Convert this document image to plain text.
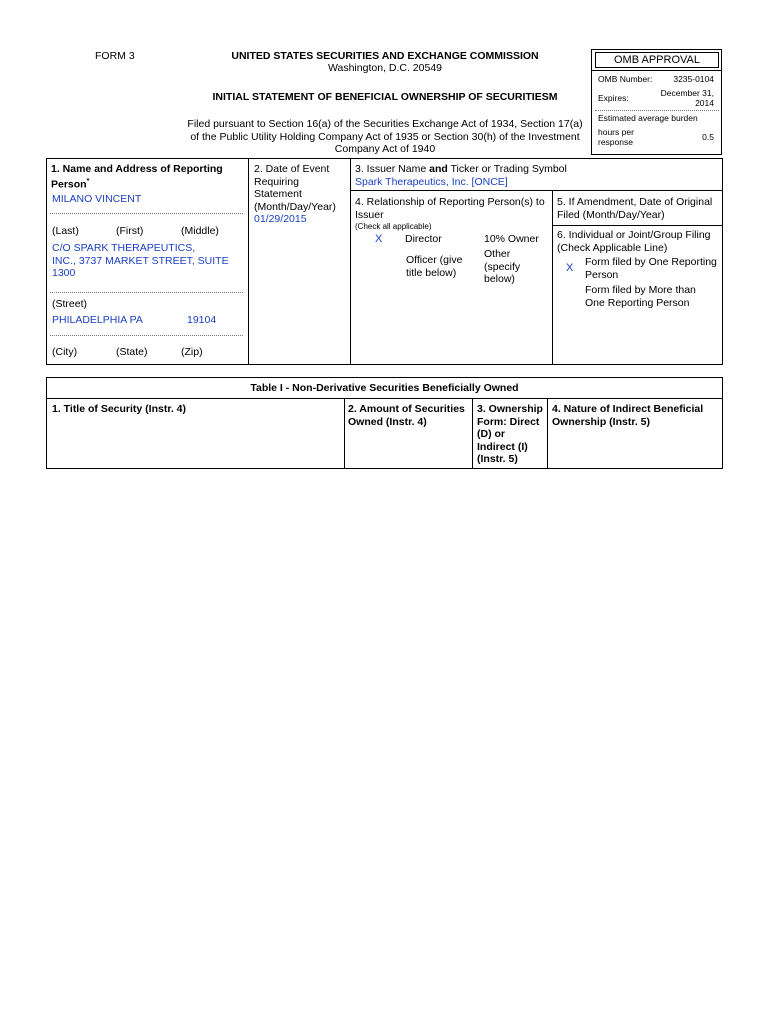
FORM 3	UNITED STATES SECURITIES AND EXCHANGE COMMISSION
Washington, D.C. 20549
INITIAL STATEMENT OF BENEFICIAL OWNERSHIP OF SECURITIESM
Filed pursuant to Section 16(a) of the Securities Exchange Act of 1934, Section 17(a)
of the Public Utility Holding Company Act of 1935 or Section 30(h) of the Investment
Company Act of 1940
OMB APPROVAL
OMB Number: 3235-0104
Expires:	December 31,
2014
Estimated average burden
hours per
response	0.5
1. Name and Address of Reporting
Person*
MILANO VINCENT
(Last)	(First)	(Middle)
C/O SPARK THERAPEUTICS,
INC., 3737 MARKET STREET, SUITE
1300
(Street)
PHILADELPHIA PA	19104
(City)	(State)	(Zip)
2. Date of Event
Requiring
Statement
(Month/Day/Year)
01/29/2015
3. Issuer Name and Ticker or Trading Symbol
Spark Therapeutics, Inc. [ONCE]
4. Relationship of Reporting Person(s) to
Issuer
(Check all applicable)
X Director	10% Owner
Officer (give
title below)
Other
(specify
below)
5. If Amendment, Date of Original
Filed (Month/Day/Year)
6. Individual or Joint/Group Filing
(Check Applicable Line)
X Form filed by One Reporting
Person
Form filed by More than
One Reporting Person
Table I - Non-Derivative Securities Beneficially Owned
1. Title of Security (Instr. 4)	2. Amount of Securities
Owned (Instr. 4)
3. Ownership
Form: Direct
(D) or
Indirect (I)
(Instr. 5)
4. Nature of Indirect Beneficial
Ownership (Instr. 5)
